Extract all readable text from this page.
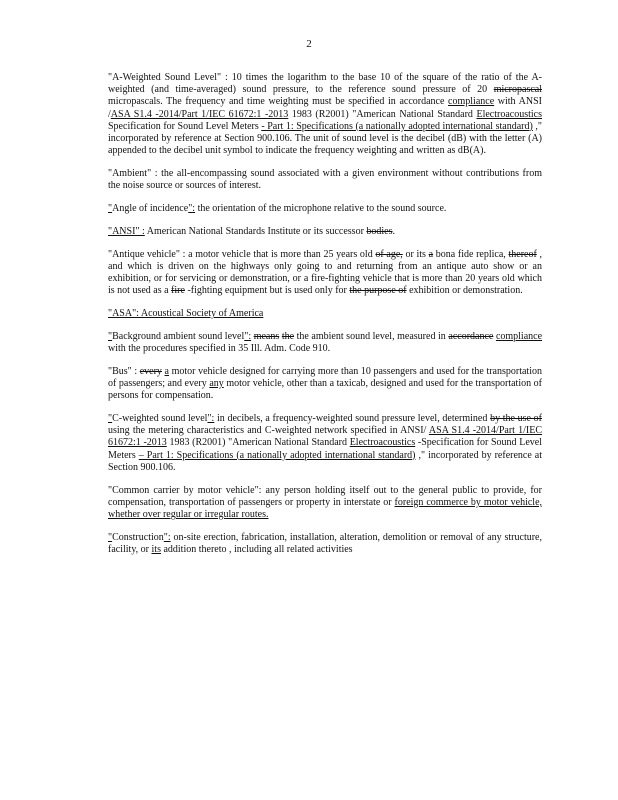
2

"A-Weighted Sound Level" : 10 times the logarithm to the base 10 of the square of the ratio of the A-weighted (and time-averaged) sound pressure, to the reference sound pressure of 20 micropascal micropascals. The frequency and time weighting must be specified in accordance compliance with ANSI /ASA S1.4 -2014/Part 1/IEC 61672:1 -2013 1983 (R2001) "American National Standard Electroacoustics Specification for Sound Level Meters - Part 1: Specifications (a nationally adopted international standard) ," incorporated by reference at Section 900.106. The unit of sound level is the decibel (dB) with the letter (A) appended to the decibel unit symbol to indicate the frequency weighting and written as dB(A).

"Ambient" : the all-encompassing sound associated with a given environment without contributions from the noise source or sources of interest.

"Angle of incidence": the orientation of the microphone relative to the sound source.

"ANSI" : American National Standards Institute or its successor bodies.

"Antique vehicle" : a motor vehicle that is more than 25 years old of age, or its a bona fide replica, thereof , and which is driven on the highways only going to and returning from an antique auto show or an exhibition, or for servicing or demonstration, or a fire-fighting vehicle that is more than 20 years old which is not used as a fire -fighting equipment but is used only for the purpose of exhibition or demonstration.

"ASA": Acoustical Society of America

"Background ambient sound level": means the the ambient sound level, measured in accordance compliance with the procedures specified in 35 Ill. Adm. Code 910.

"Bus" : every a motor vehicle designed for carrying more than 10 passengers and used for the transportation of passengers; and every any motor vehicle, other than a taxicab, designed and used for the transportation of persons for compensation.

"C-weighted sound level": in decibels, a frequency-weighted sound pressure level, determined by the use of using the metering characteristics and C-weighted network specified in ANSI/ ASA S1.4 -2014/Part 1/IEC 61672:1 -2013 1983 (R2001) "American National Standard Electroacoustics -Specification for Sound Level Meters – Part 1: Specifications (a nationally adopted international standard) ," incorporated by reference at Section 900.106.

"Common carrier by motor vehicle": any person holding itself out to the general public to provide, for compensation, transportation of passengers or property in interstate or foreign commerce by motor vehicle, whether over regular or irregular routes.

"Construction": on-site erection, fabrication, installation, alteration, demolition or removal of any structure, facility, or its addition thereto , including all related activities
